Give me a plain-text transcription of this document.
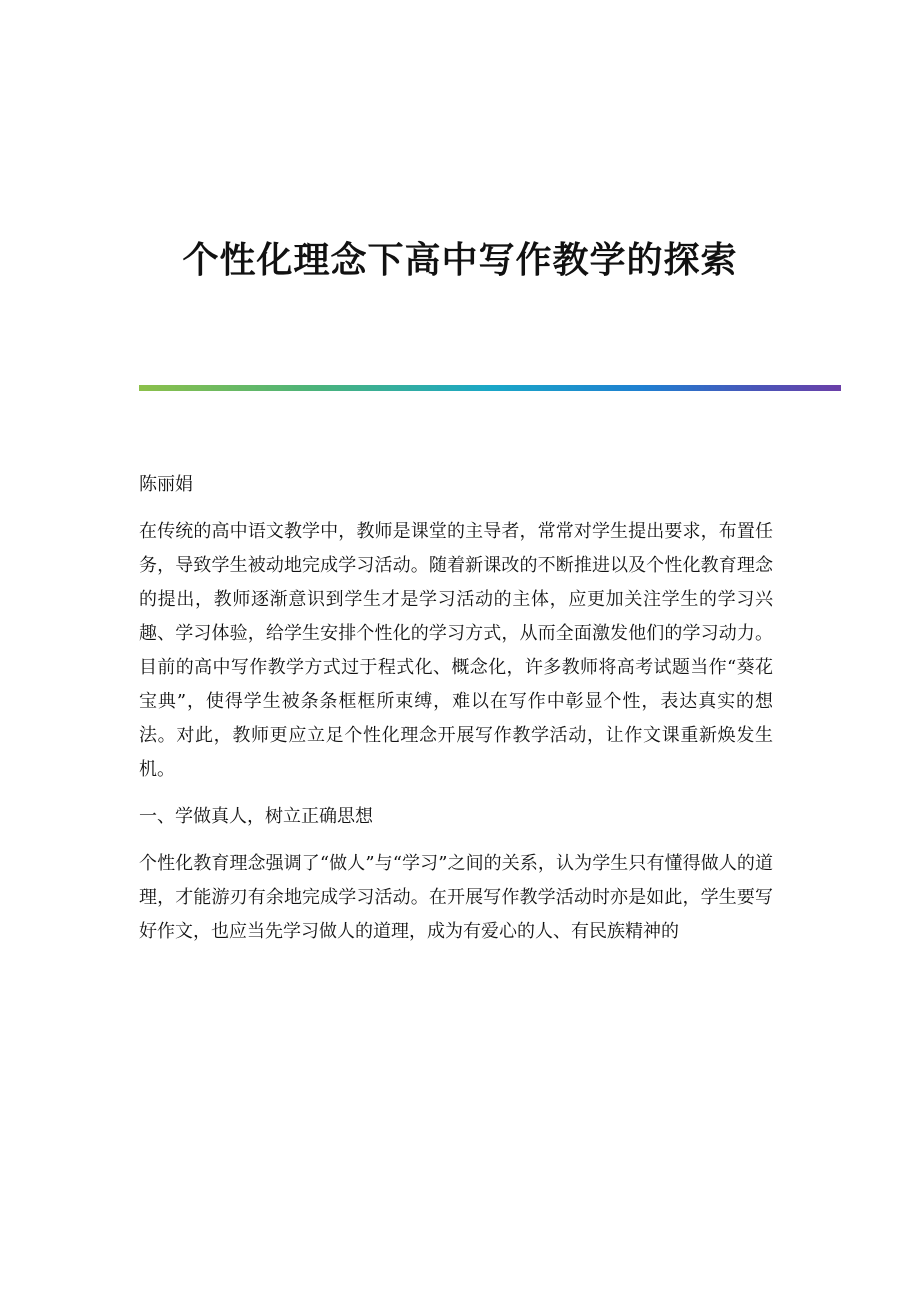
个性化理念下高中写作教学的探索

陈丽娟

在传统的高中语文教学中，教师是课堂的主导者，常常对学生提出要求，布置任务，导致学生被动地完成学习活动。随着新课改的不断推进以及个性化教育理念的提出，教师逐渐意识到学生才是学习活动的主体，应更加关注学生的学习兴趣、学习体验，给学生安排个性化的学习方式，从而全面激发他们的学习动力。目前的高中写作教学方式过于程式化、概念化，许多教师将高考试题当作“葵花宝典”，使得学生被条条框框所束缚，难以在写作中彰显个性，表达真实的想法。对此，教师更应立足个性化理念开展写作教学活动，让作文课重新焕发生机。

一、学做真人，树立正确思想

个性化教育理念强调了“做人”与“学习”之间的关系，认为学生只有懂得做人的道理，才能游刃有余地完成学习活动。在开展写作教学活动时亦是如此，学生要写好作文，也应当先学习做人的道理，成为有爱心的人、有民族精神的
